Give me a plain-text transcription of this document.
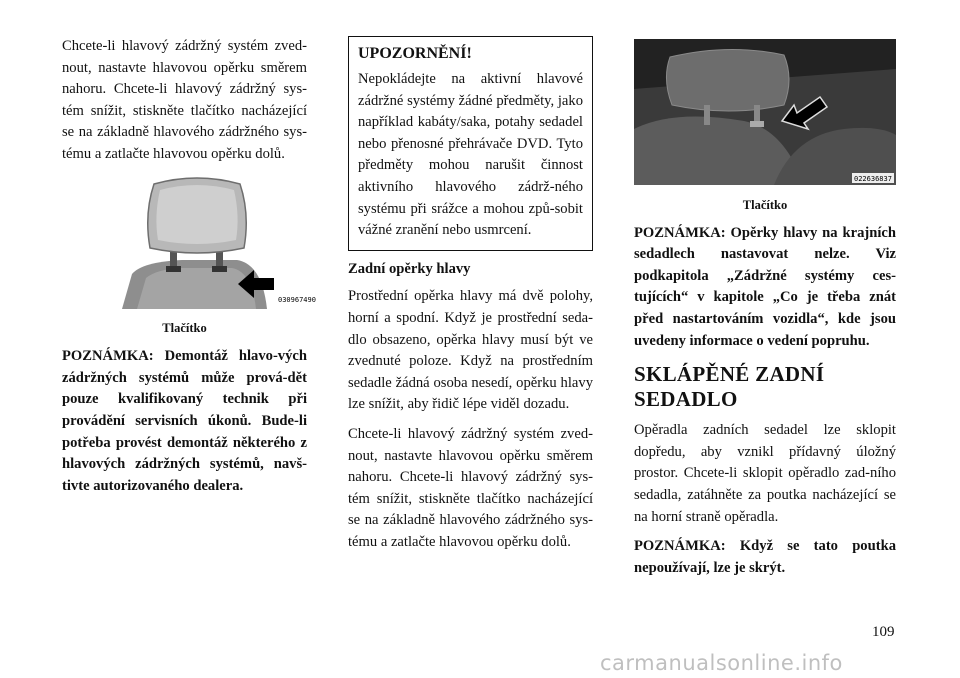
Chcete-li hlavový zádržný systém zved-nout, nastavte hlavovou opěrku směrem nahoru. Chcete-li hlavový zádržný sys-tém snížit, stiskněte tlačítko nacházející se na základně hlavového zádržného sys-tému a zatlačte hlavovou opěrku dolů.

030967490
Tlačítko

POZNÁMKA: Demontáž hlavo-vých zádržných systémů může prová-dět pouze kvalifikovaný technik při provádění servisních úkonů. Bude-li potřeba provést demontáž některého z hlavových zádržných systémů, navš-tivte autorizovaného dealera.

UPOZORNĚNÍ!

Nepokládejte na aktivní hlavové zádržné systémy žádné předměty, jako například kabáty/saka, potahy sedadel nebo přenosné přehrávače DVD. Tyto předměty mohou narušit činnost aktivního hlavového zádrž-ného systému při srážce a mohou způ-sobit vážné zranění nebo usmrcení.

Zadní opěrky hlavy

Prostřední opěrka hlavy má dvě polohy, horní a spodní. Když je prostřední seda-dlo obsazeno, opěrka hlavy musí být ve zvednuté poloze. Když na prostředním sedadle žádná osoba nesedí, opěrku hlavy lze snížit, aby řidič lépe viděl dozadu.

Chcete-li hlavový zádržný systém zved-nout, nastavte hlavovou opěrku směrem nahoru. Chcete-li hlavový zádržný sys-tém snížit, stiskněte tlačítko nacházející se na základně hlavového zádržného sys-tému a zatlačte hlavovou opěrku dolů.

022636837
Tlačítko

POZNÁMKA: Opěrky hlavy na krajních sedadlech nastavovat nelze. Viz podkapitola „Zádržné systémy ces-tujících“ v kapitole „Co je třeba znát před nastartováním vozidla“, kde jsou uvedeny informace o vedení popruhu.

SKLÁPĚNÉ ZADNÍ SEDADLO

Opěradla zadních sedadel lze sklopit dopředu, aby vznikl přídavný úložný prostor. Chcete-li sklopit opěradlo zad-ního sedadla, zatáhněte za poutka nacházející se na horní straně opěradla.

POZNÁMKA: Když se tato poutka nepoužívají, lze je skrýt.

109
carmanualsonline.info
